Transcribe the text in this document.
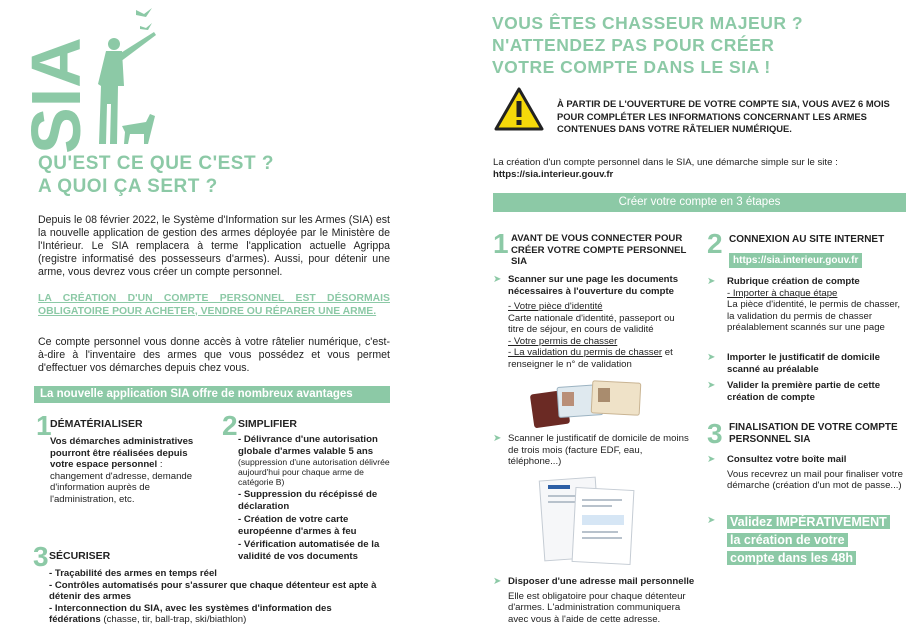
SIA
QU'EST CE QUE C'EST ?
A QUOI ÇA SERT ?
Depuis le 08 février 2022, le Système d'Information sur les Armes (SIA) est la nouvelle application de gestion des armes déployée par le Ministère de l'Intérieur. Le SIA remplacera à terme l'application actuelle Agrippa (registre informatisé des possesseurs d'armes). Aussi, pour détenir une arme, vous devrez vous créer un compte personnel.
LA CRÉATION D'UN COMPTE PERSONNEL EST DÉSORMAIS OBLIGATOIRE POUR ACHETER, VENDRE OU RÉPARER UNE ARME.
Ce compte personnel vous donne accès à votre râtelier numérique, c'est-à-dire à l'inventaire des armes que vous possédez et vous permet d'effectuer vos démarches depuis chez vous.
La nouvelle application SIA offre de nombreux avantages
1
DÉMATÉRIALISER
Vos démarches administratives pourront être réalisées depuis votre espace personnel : changement d'adresse, demande d'information auprès de l'administration, etc.
2 SIMPLIFIER
- Délivrance d'une autorisation globale d'armes valable 5 ans
(suppression d'une autorisation délivrée aujourd'hui pour chaque arme de catégorie B)
- Suppression du récépissé de déclaration
- Création de votre carte européenne d'armes à feu
- Vérification automatisée de la validité de vos documents
3 SÉCURISER
- Traçabilité des armes en temps réel
- Contrôles automatisés pour s'assurer que chaque détenteur est apte à détenir des armes
- Interconnection du SIA, avec les systèmes d'information des fédérations (chasse, tir, ball-trap, ski/biathlon)
VOUS ÊTES CHASSEUR MAJEUR ?
N'ATTENDEZ PAS POUR CRÉER
VOTRE COMPTE DANS LE SIA !
À PARTIR DE L'OUVERTURE DE VOTRE COMPTE SIA, VOUS AVEZ 6 MOIS POUR COMPLÉTER LES INFORMATIONS CONCERNANT LES ARMES CONTENUES DANS VOTRE RÂTELIER NUMÉRIQUE.
La création d'un compte personnel dans le SIA, une démarche simple sur le site :
https://sia.interieur.gouv.fr
Créer votre compte en 3 étapes
1 AVANT DE VOUS CONNECTER POUR CRÉER VOTRE COMPTE PERSONNEL SIA
➤ Scanner sur une page les documents nécessaires à l'ouverture du compte
- Votre pièce d'identité
Carte nationale d'identité, passeport ou titre de séjour, en cours de validité
- Votre permis de chasser
- La validation du permis de chasser et renseigner le n° de validation
➤ Scanner le justificatif de domicile de moins de trois mois (facture EDF, eau, téléphone...)
➤ Disposer d'une adresse mail personnelle
Elle est obligatoire pour chaque détenteur d'armes. L'administration communiquera avec vous à l'aide de cette adresse.
2 CONNEXION AU SITE INTERNET
https://sia.interieur.gouv.fr
➤ Rubrique création de compte
- Importer à chaque étape
La pièce d'identité, le permis de chasser, la validation du permis de chasser préalablement scannés sur une page
➤ Importer le justificatif de domicile scanné au préalable
➤ Valider la première partie de cette création de compte
3 FINALISATION DE VOTRE COMPTE PERSONNEL SIA
➤ Consultez votre boîte mail
Vous recevrez un mail pour finaliser votre démarche (création d'un mot de passe...)
➤ Validez IMPÉRATIVEMENT
la création de votre
compte dans les 48h
